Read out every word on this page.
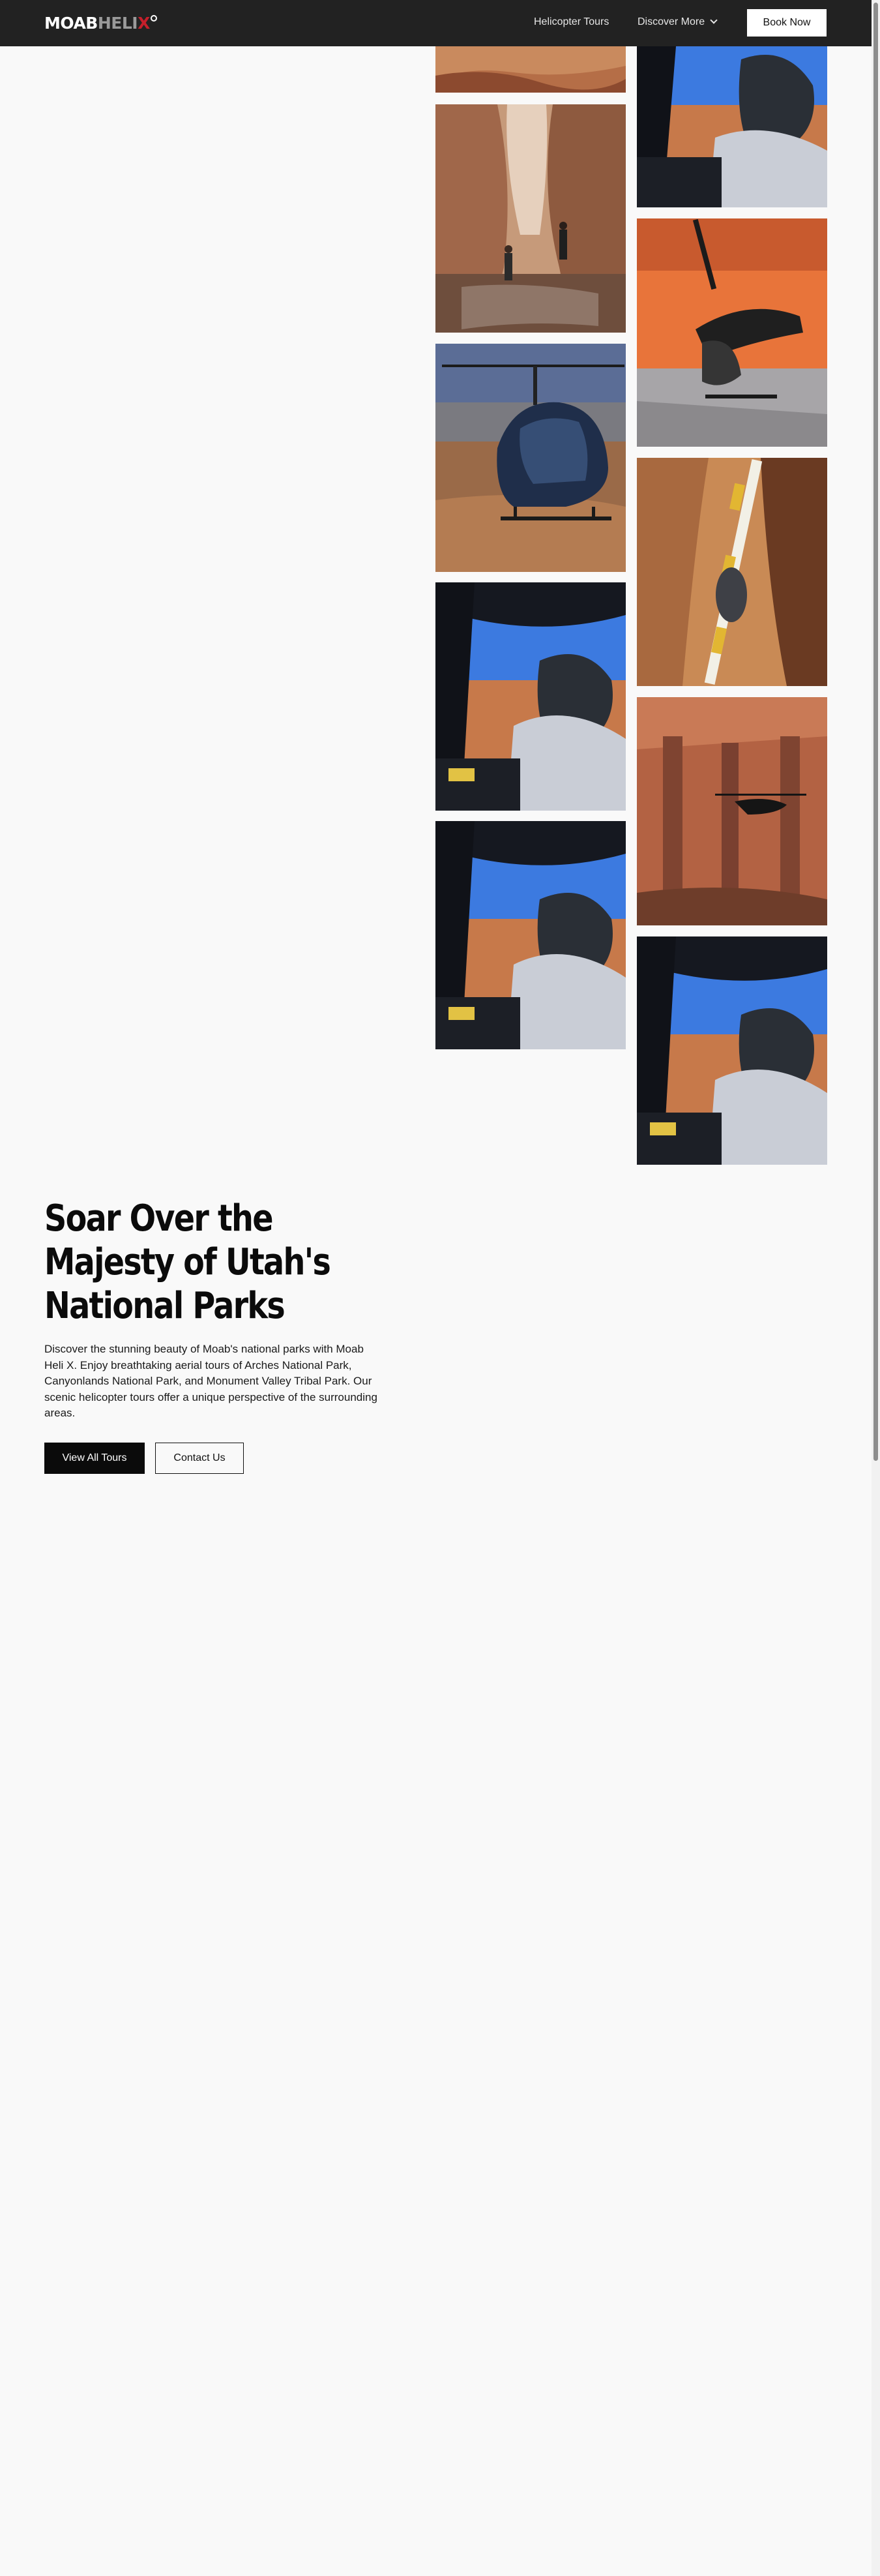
MOABHELIX	Helicopter Tours	Discover More	Book Now
Soar Over the Majesty of Utah's National Parks

Discover the stunning beauty of Moab's national parks with Moab Heli X. Enjoy breathtaking aerial tours of Arches National Park, Canyonlands National Park, and Monument Valley Tribal Park. Our scenic helicopter tours offer a unique perspective of the surrounding areas.

View All Tours	Contact Us
